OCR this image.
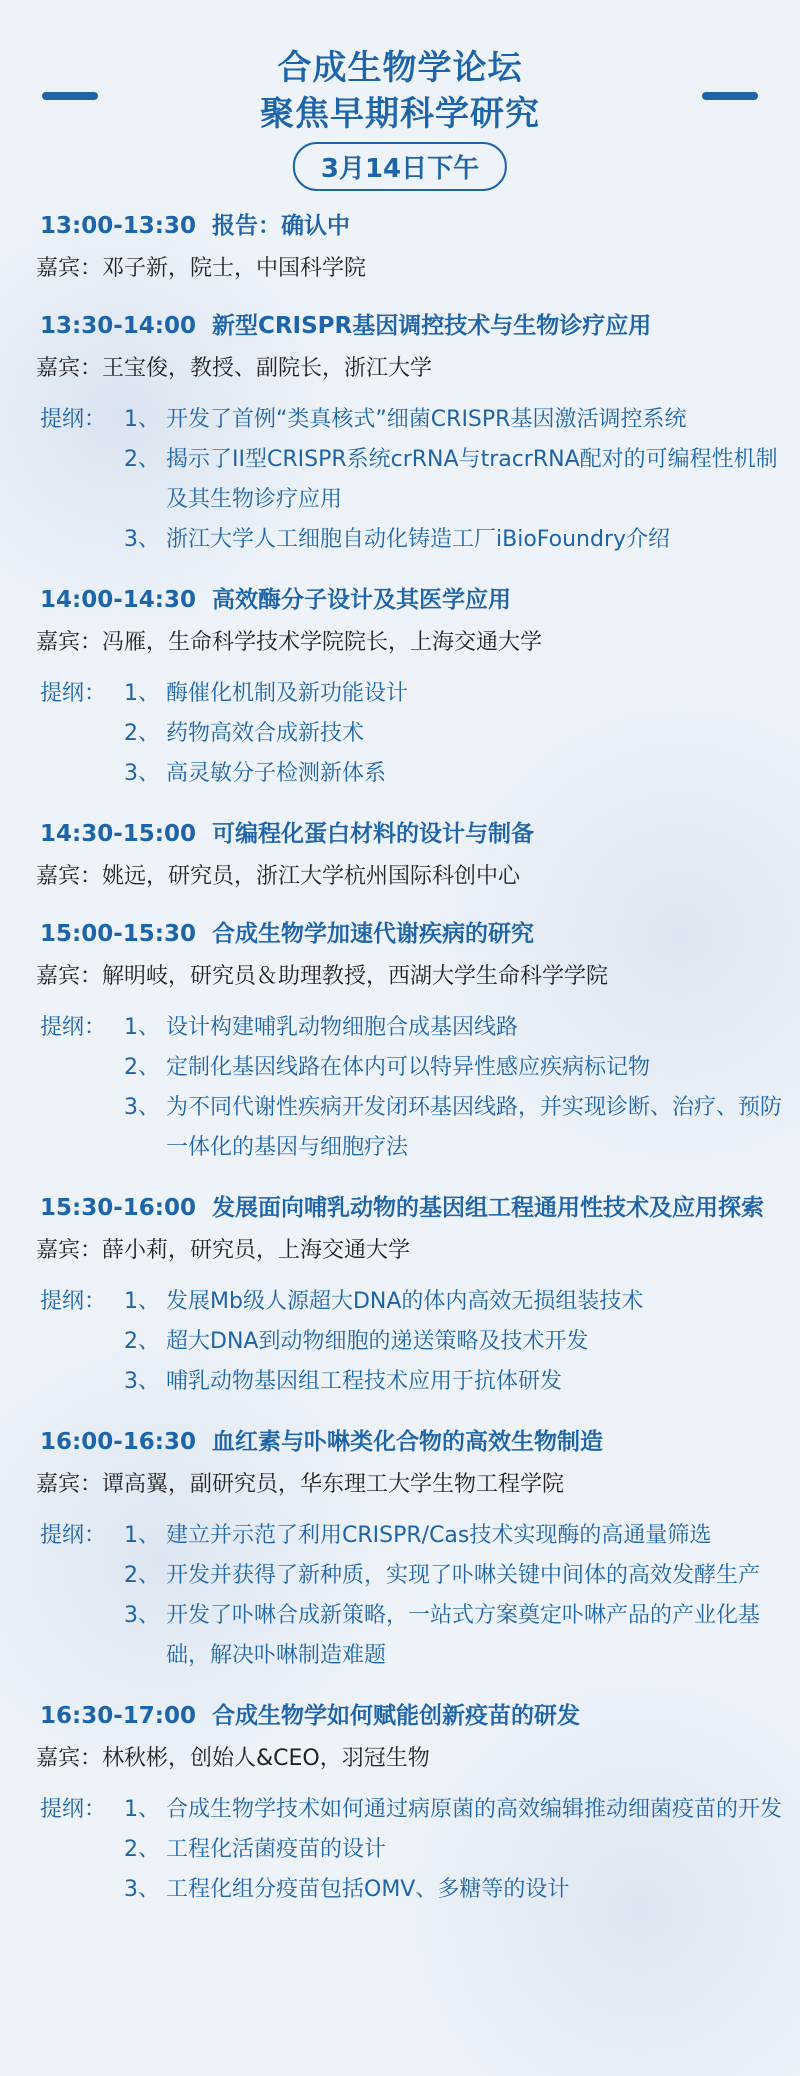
合成生物学论坛
聚焦早期科学研究
3月14日下午
13:00-13:30 报告：确认中
嘉宾：邓子新，院士，中国科学院
13:30-14:00 新型CRISPR基因调控技术与生物诊疗应用
嘉宾：王宝俊，教授、副院长，浙江大学
提纲： 1、 开发了首例“类真核式”细菌CRISPR基因激活调控系统
2、 揭示了II型CRISPR系统crRNA与tracrRNA配对的可编程性机制及其生物诊疗应用
3、 浙江大学人工细胞自动化铸造工厂iBioFoundry介绍
14:00-14:30 高效酶分子设计及其医学应用
嘉宾：冯雁，生命科学技术学院院长，上海交通大学
提纲： 1、 酶催化机制及新功能设计
2、 药物高效合成新技术
3、 高灵敏分子检测新体系
14:30-15:00 可编程化蛋白材料的设计与制备
嘉宾：姚远，研究员，浙江大学杭州国际科创中心
15:00-15:30 合成生物学加速代谢疾病的研究
嘉宾：解明岐，研究员＆助理教授，西湖大学生命科学学院
提纲： 1、 设计构建哺乳动物细胞合成基因线路
2、 定制化基因线路在体内可以特异性感应疾病标记物
3、 为不同代谢性疾病开发闭环基因线路，并实现诊断、治疗、预防一体化的基因与细胞疗法
15:30-16:00 发展面向哺乳动物的基因组工程通用性技术及应用探索
嘉宾：薛小莉，研究员，上海交通大学
提纲： 1、 发展Mb级人源超大DNA的体内高效无损组装技术
2、 超大DNA到动物细胞的递送策略及技术开发
3、 哺乳动物基因组工程技术应用于抗体研发
16:00-16:30 血红素与卟啉类化合物的高效生物制造
嘉宾：谭高翼，副研究员，华东理工大学生物工程学院
提纲： 1、 建立并示范了利用CRISPR/Cas技术实现酶的高通量筛选
2、 开发并获得了新种质，实现了卟啉关键中间体的高效发酵生产
3、 开发了卟啉合成新策略，一站式方案奠定卟啉产品的产业化基础，解决卟啉制造难题
16:30-17:00 合成生物学如何赋能创新疫苗的研发
嘉宾：林秋彬，创始人&CEO，羽冠生物
提纲： 1、 合成生物学技术如何通过病原菌的高效编辑推动细菌疫苗的开发
2、 工程化活菌疫苗的设计
3、 工程化组分疫苗包括OMV、多糖等的设计
